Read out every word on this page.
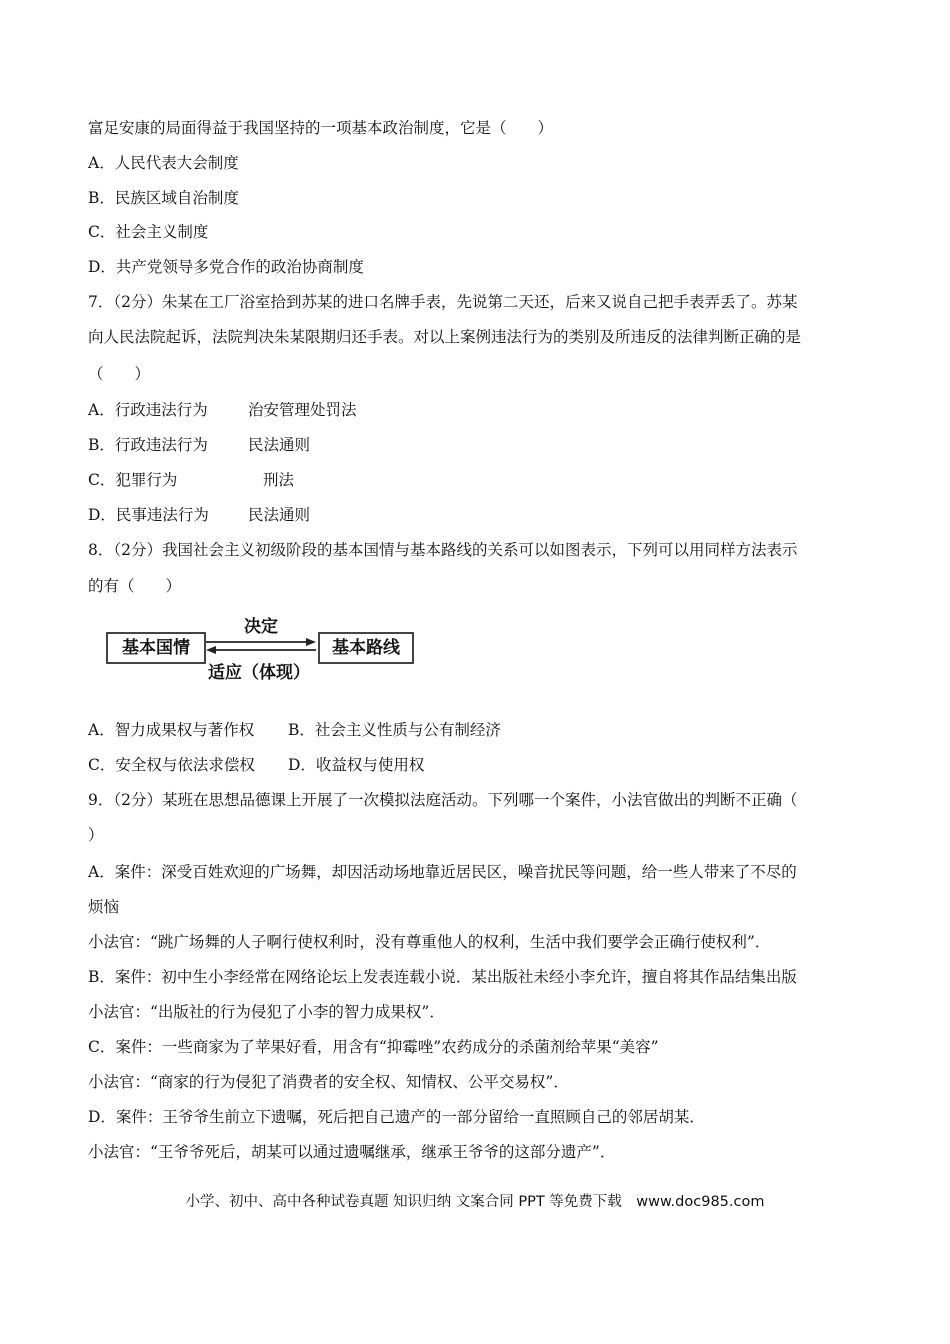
富足安康的局面得益于我国坚持的一项基本政治制度，它是（　　）
A．人民代表大会制度
B．民族区域自治制度
C．社会主义制度
D．共产党领导多党合作的政治协商制度
7．（2分）朱某在工厂浴室拾到苏某的进口名牌手表，先说第二天还，后来又说自己把手表弄丢了。苏某
向人民法院起诉，法院判决朱某限期归还手表。对以上案例违法行为的类别及所违反的法律判断正确的是
（　　）
A．行政违法行为	治安管理处罚法
B．行政违法行为	民法通则
C．犯罪行为	刑法
D．民事违法行为	民法通则
8．（2分）我国社会主义初级阶段的基本国情与基本路线的关系可以如图表示，下列可以用同样方法表示
的有（　　）
基本国情	基本路线
决定
适应（体现）
A．智力成果权与著作权	B．社会主义性质与公有制经济
C．安全权与依法求偿权	D．收益权与使用权
9．（2分）某班在思想品德课上开展了一次模拟法庭活动。下列哪一个案件，小法官做出的判断不正确（
）
A．案件：深受百姓欢迎的广场舞，却因活动场地靠近居民区，噪音扰民等问题，给一些人带来了不尽的
烦恼
小法官：“跳广场舞的人子啊行使权利时，没有尊重他人的权利，生活中我们要学会正确行使权利”．
B．案件：初中生小李经常在网络论坛上发表连载小说．某出版社未经小李允许，擅自将其作品结集出版
小法官：“出版社的行为侵犯了小李的智力成果权”．
C．案件：一些商家为了苹果好看，用含有“抑霉唑”农药成分的杀菌剂给苹果“美容”
小法官：“商家的行为侵犯了消费者的安全权、知情权、公平交易权”．
D．案件：王爷爷生前立下遗嘱，死后把自己遗产的一部分留给一直照顾自己的邻居胡某．
小法官：“王爷爷死后，胡某可以通过遗嘱继承，继承王爷爷的这部分遗产”．
小学、初中、高中各种试卷真题 知识归纳 文案合同 PPT 等免费下载　www.doc985.com
